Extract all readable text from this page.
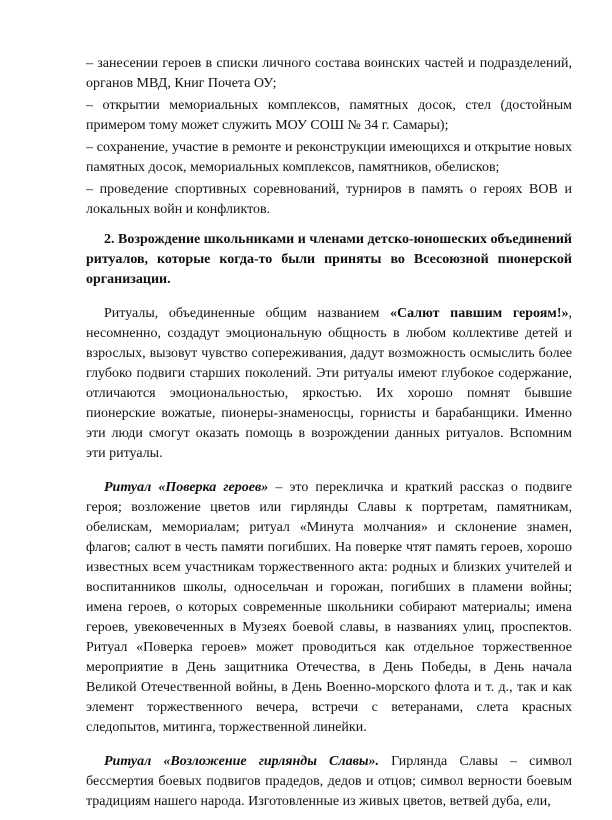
– занесении героев в списки личного состава воинских частей и подразделений, органов МВД, Книг Почета ОУ;

– открытии мемориальных комплексов, памятных досок, стел (достойным примером тому может служить МОУ СОШ № 34 г. Самары);

– сохранение, участие в ремонте и реконструкции имеющихся и открытие новых памятных досок, мемориальных комплексов, памятников, обелисков;

– проведение спортивных соревнований, турниров в память о героях ВОВ и локальных войн и конфликтов.

2. Возрождение школьниками и членами детско-юношеских объединений ритуалов, которые когда-то были приняты во Всесоюзной пионерской организации.

Ритуалы, объединенные общим названием «Салют павшим героям!», несомненно, создадут эмоциональную общность в любом коллективе детей и взрослых, вызовут чувство сопереживания, дадут возможность осмыслить более глубоко подвиги старших поколений. Эти ритуалы имеют глубокое содержание, отличаются эмоциональностью, яркостью. Их хорошо помнят бывшие пионерские вожатые, пионеры-знаменосцы, горнисты и барабанщики. Именно эти люди смогут оказать помощь в возрождении данных ритуалов. Вспомним эти ритуалы.

Ритуал «Поверка героев» – это перекличка и краткий рассказ о подвиге героя; возложение цветов или гирлянды Славы к портретам, памятникам, обелискам, мемориалам; ритуал «Минута молчания» и склонение знамен, флагов; салют в честь памяти погибших. На поверке чтят память героев, хорошо известных всем участникам торжественного акта: родных и близких учителей и воспитанников школы, односельчан и горожан, погибших в пламени войны; имена героев, о которых современные школьники собирают материалы; имена героев, увековеченных в Музеях боевой славы, в названиях улиц, проспектов. Ритуал «Поверка героев» может проводиться как отдельное торжественное мероприятие в День защитника Отечества, в День Победы, в День начала Великой Отечественной войны, в День Военно-морского флота и т. д., так и как элемент торжественного вечера, встречи с ветеранами, слета красных следопытов, митинга, торжественной линейки.

Ритуал «Возложение гирлянды Славы». Гирлянда Славы – символ бессмертия боевых подвигов прадедов, дедов и отцов; символ верности боевым традициям нашего народа. Изготовленные из живых цветов, ветвей дуба, ели,
